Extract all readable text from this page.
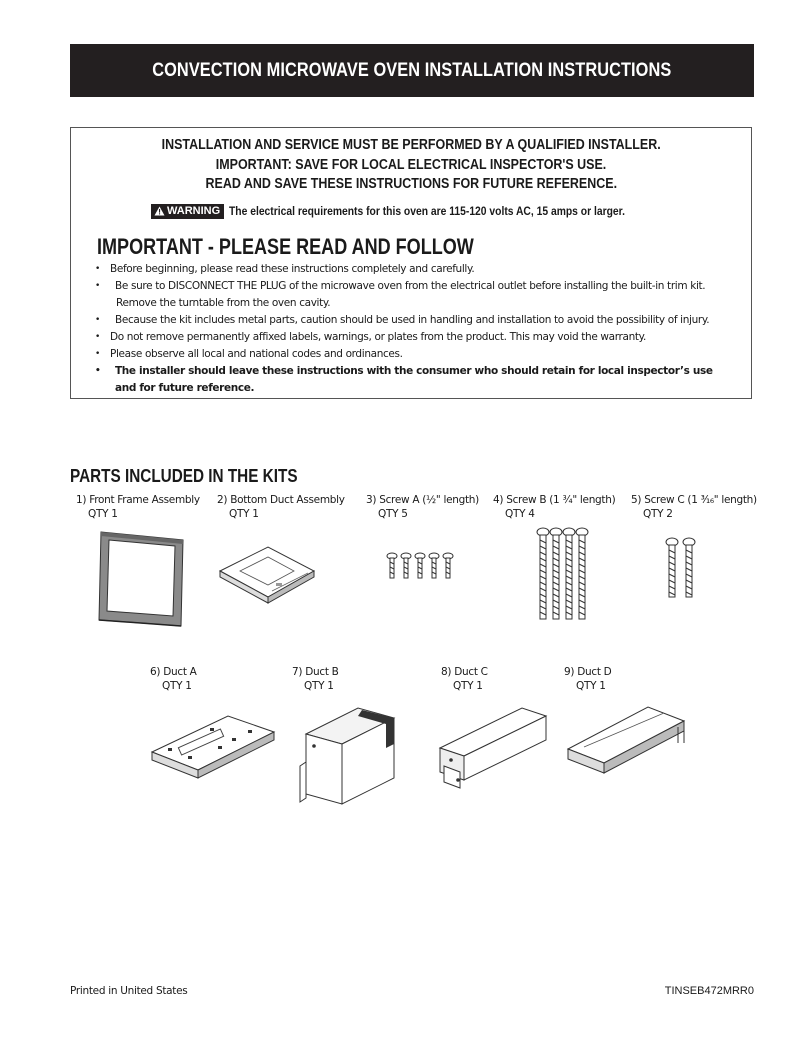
CONVECTION MICROWAVE OVEN INSTALLATION INSTRUCTIONS
INSTALLATION AND SERVICE MUST BE PERFORMED BY A QUALIFIED INSTALLER.
IMPORTANT: SAVE FOR LOCAL ELECTRICAL INSPECTOR'S USE.
READ AND SAVE THESE INSTRUCTIONS FOR FUTURE REFERENCE.
WARNING The electrical requirements for this oven are 115-120 volts AC, 15 amps or larger.
IMPORTANT - PLEASE READ AND FOLLOW
• Before beginning, please read these instructions completely and carefully.
• Be sure to DISCONNECT THE PLUG of the microwave oven from the electrical outlet before installing the built-in trim kit.
Remove the turntable from the oven cavity.
• Because the kit includes metal parts, caution should be used in handling and installation to avoid the possibility of injury.
• Do not remove permanently affixed labels, warnings, or plates from the product. This may void the warranty.
• Please observe all local and national codes and ordinances.
• The installer should leave these instructions with the consumer who should retain for local inspector’s use and for future reference.
PARTS INCLUDED IN THE KITS
1) Front Frame Assembly
QTY 1
2) Bottom Duct Assembly
QTY 1
3) Screw A (½" length)
QTY 5
4) Screw B (1 ¾" length)
QTY 4
5) Screw C (1 ³⁄₁₆" length)
QTY 2
6) Duct A
QTY 1
7) Duct B
QTY 1
8) Duct C
QTY 1
9) Duct D
QTY 1
Printed in United States	TINSEB472MRR0
